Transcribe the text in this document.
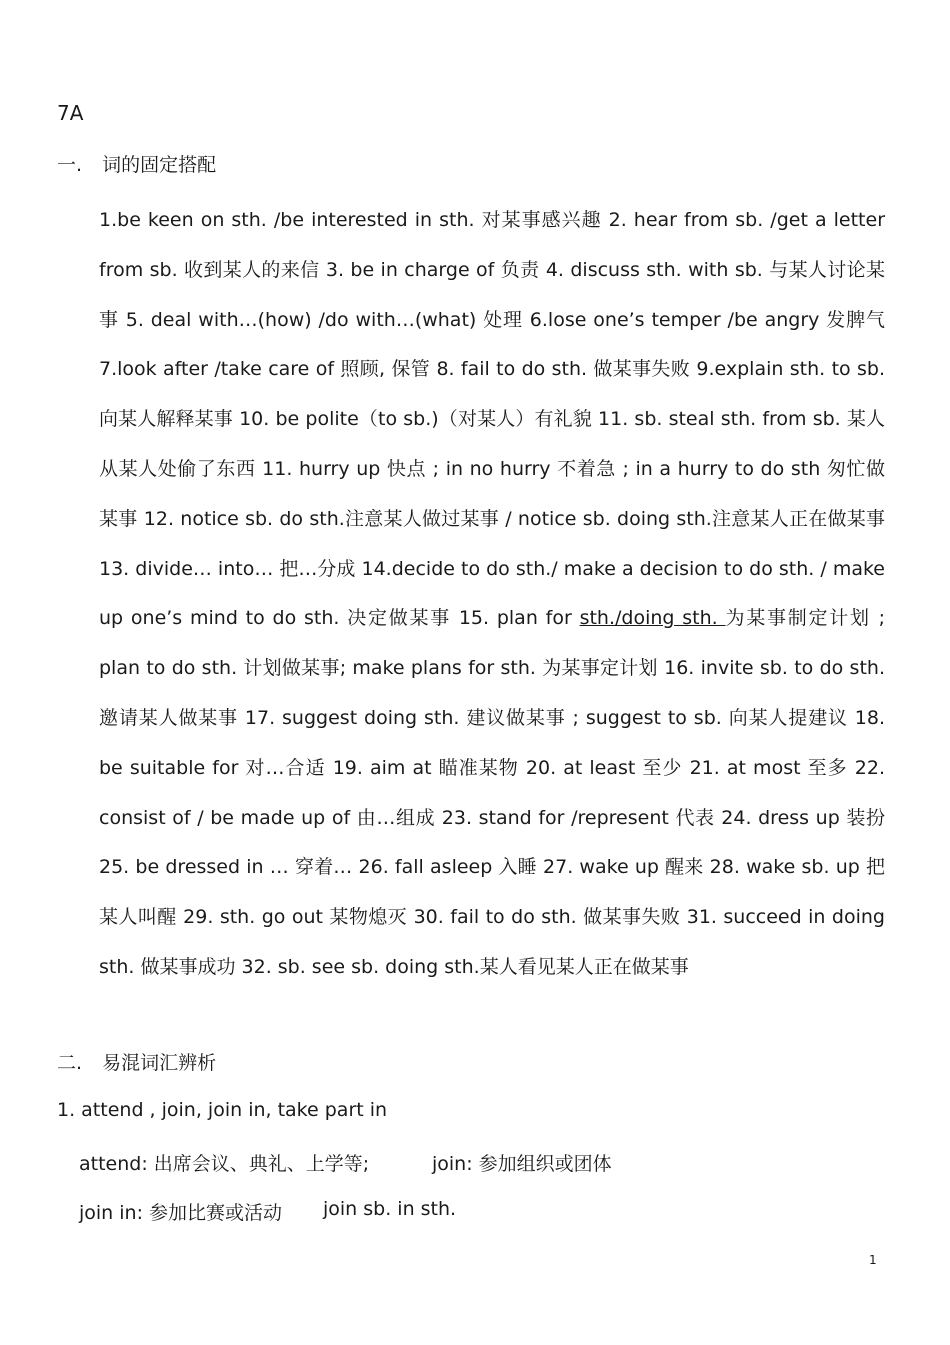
7A
一. 词的固定搭配
1.be keen on sth. /be interested in sth. 对某事感兴趣 2. hear from sb. /get a letter from sb. 收到某人的来信 3. be in charge of 负责 4. discuss sth. with sb. 与某人讨论某事 5. deal with…(how) /do with…(what) 处理 6.lose one’s temper /be angry 发脾气 7.look after /take care of 照顾, 保管 8. fail to do sth. 做某事失败 9.explain sth. to sb. 向某人解释某事 10. be polite（to sb.)（对某人）有礼貌 11. sb. steal sth. from sb. 某人从某人处偷了东西 11. hurry up 快点 ; in no hurry 不着急 ; in a hurry to do sth 匆忙做某事 12. notice sb. do sth.注意某人做过某事 / notice sb. doing sth.注意某人正在做某事 13. divide… into… 把…分成 14.decide to do sth./ make a decision to do sth. / make up one’s mind to do sth. 决定做某事 15. plan for sth./doing sth. 为某事制定计划 ; plan to do sth. 计划做某事; make plans for sth. 为某事定计划 16. invite sb. to do sth. 邀请某人做某事 17. suggest doing sth. 建议做某事 ; suggest to sb. 向某人提建议 18. be suitable for 对…合适 19. aim at 瞄准某物 20. at least 至少 21. at most 至多 22. consist of / be made up of 由…组成 23. stand for /represent 代表 24. dress up 装扮 25. be dressed in … 穿着… 26. fall asleep 入睡 27. wake up 醒来 28. wake sb. up 把某人叫醒 29. sth. go out 某物熄灭 30. fail to do sth. 做某事失败 31. succeed in doing sth. 做某事成功 32. sb. see sb. doing sth.某人看见某人正在做某事
二. 易混词汇辨析
1. attend , join, join in, take part in
attend: 出席会议、典礼、上学等;	join: 参加组织或团体
join in: 参加比赛或活动 join sb. in sth.
1
